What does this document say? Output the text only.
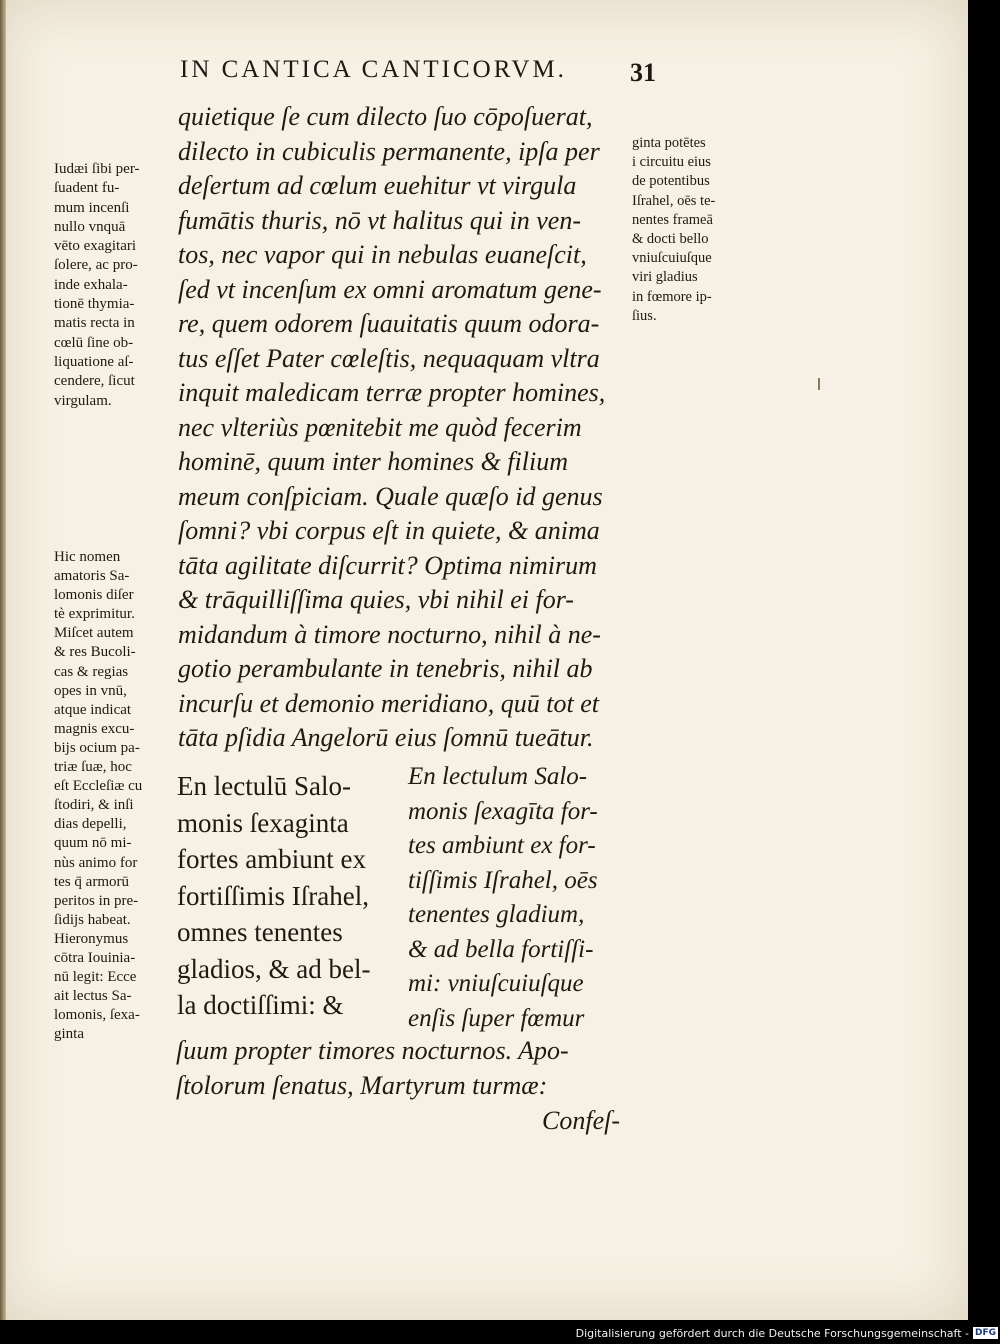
IN CANTICA CANTICORVM.	31
quietique ſe cum dilecto ſuo cōpoſuerat,
dilecto in cubiculis permanente, ipſa per
deſertum ad cœlum euehitur vt virgula
fumātis thuris, nō vt halitus qui in ven-
tos, nec vapor qui in nebulas euaneſcit,
ſed vt incenſum ex omni aromatum gene-
re, quem odorem ſuauitatis quum odora-
tus eſſet Pater cœleſtis, nequaquam vltra
inquit maledicam terræ propter homines,
nec vlteriùs pœnitebit me quòd fecerim
hominē, quum inter homines & filium
meum conſpiciam. Quale quæſo id genus
ſomni? vbi corpus eſt in quiete, & anima
tāta agilitate diſcurrit? Optima nimirum
& trāquilliſſima quies, vbi nihil ei for-
midandum à timore nocturno, nihil à ne-
gotio perambulante in tenebris, nihil ab
incurſu et demonio meridiano, quū tot et
tāta pſidia Angelorū eius ſomnū tueātur.
En lectulū Salo-
monis ſexaginta
fortes ambiunt ex
fortiſſimis Iſrahel,
omnes tenentes
gladios, & ad bel-
la doctiſſimi: &
En lectulum Salo-
monis ſexagīta for-
tes ambiunt ex for-
tiſſimis Iſrahel, oēs
tenentes gladium,
& ad bella fortiſſi-
mi: vniuſcuiuſque
enſis ſuper fœmur
ſuum propter timores nocturnos. Apo-
ſtolorum ſenatus, Martyrum turmæ:
Confeſ-
Iudæi ſibi per-
ſuadent fu-
mum incenſi
nullo vnquā
vēto exagitari
ſolere, ac pro-
inde exhala-
tionē thymia-
matis recta in
cœlū ſine ob-
liquatione aſ-
cendere, ſicut
virgulam.
Hic nomen
amatoris Sa-
lomonis diſer
tè exprimitur.
Miſcet autem
& res Bucoli-
cas & regias
opes in vnū,
atque indicat
magnis excu-
bijs ocium pa-
triæ ſuæ, hoc
eſt Eccleſiæ cu
ſtodiri, & inſi
dias depelli,
quum nō mi-
nùs animo for
tes q̄ armorū
peritos in pre-
ſidijs habeat.
Hieronymus
cōtra Iouinia-
nū legit: Ecce
ait lectus Sa-
lomonis, ſexa-
ginta
ginta potētes
i circuitu eius
de potentibus
Iſrahel, oēs te-
nentes frameā
& docti bello
vniuſcuiuſque
viri gladius
in fœmore ip-
ſius.
Digitalisierung gefördert durch die Deutsche Forschungsgemeinschaft - DFG
